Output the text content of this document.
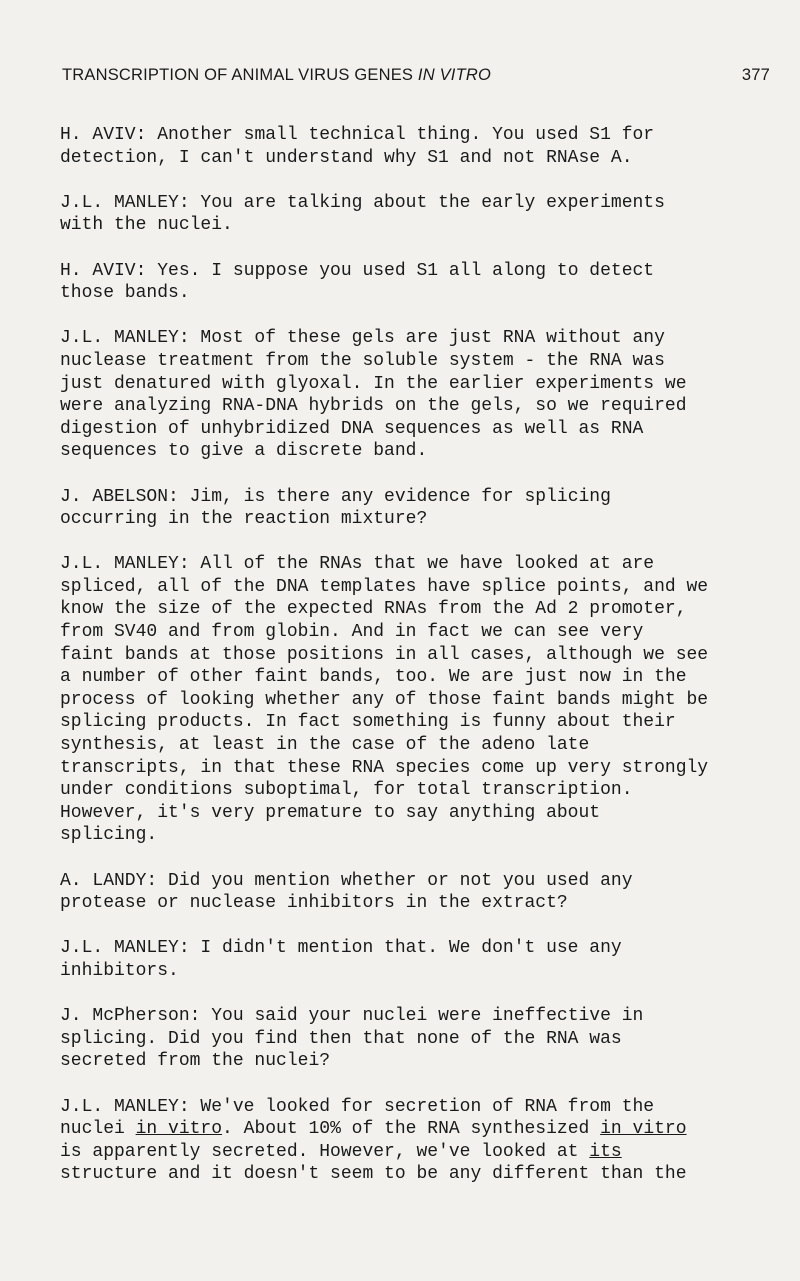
TRANSCRIPTION OF ANIMAL VIRUS GENES IN VITRO	377

H. AVIV: Another small technical thing. You used S1 for
detection, I can't understand why S1 and not RNAse A.

J.L. MANLEY: You are talking about the early experiments
with the nuclei.

H. AVIV: Yes. I suppose you used S1 all along to detect
those bands.

J.L. MANLEY: Most of these gels are just RNA without any
nuclease treatment from the soluble system - the RNA was
just denatured with glyoxal. In the earlier experiments we
were analyzing RNA-DNA hybrids on the gels, so we required
digestion of unhybridized DNA sequences as well as RNA
sequences to give a discrete band.

J. ABELSON: Jim, is there any evidence for splicing
occurring in the reaction mixture?

J.L. MANLEY: All of the RNAs that we have looked at are
spliced, all of the DNA templates have splice points, and we
know the size of the expected RNAs from the Ad 2 promoter,
from SV40 and from globin. And in fact we can see very
faint bands at those positions in all cases, although we see
a number of other faint bands, too. We are just now in the
process of looking whether any of those faint bands might be
splicing products. In fact something is funny about their
synthesis, at least in the case of the adeno late
transcripts, in that these RNA species come up very strongly
under conditions suboptimal, for total transcription.
However, it's very premature to say anything about
splicing.

A. LANDY: Did you mention whether or not you used any
protease or nuclease inhibitors in the extract?

J.L. MANLEY: I didn't mention that. We don't use any
inhibitors.

J. McPherson: You said your nuclei were ineffective in
splicing. Did you find then that none of the RNA was
secreted from the nuclei?

J.L. MANLEY: We've looked for secretion of RNA from the
nuclei in vitro. About 10% of the RNA synthesized in vitro
is apparently secreted. However, we've looked at its
structure and it doesn't seem to be any different than the
